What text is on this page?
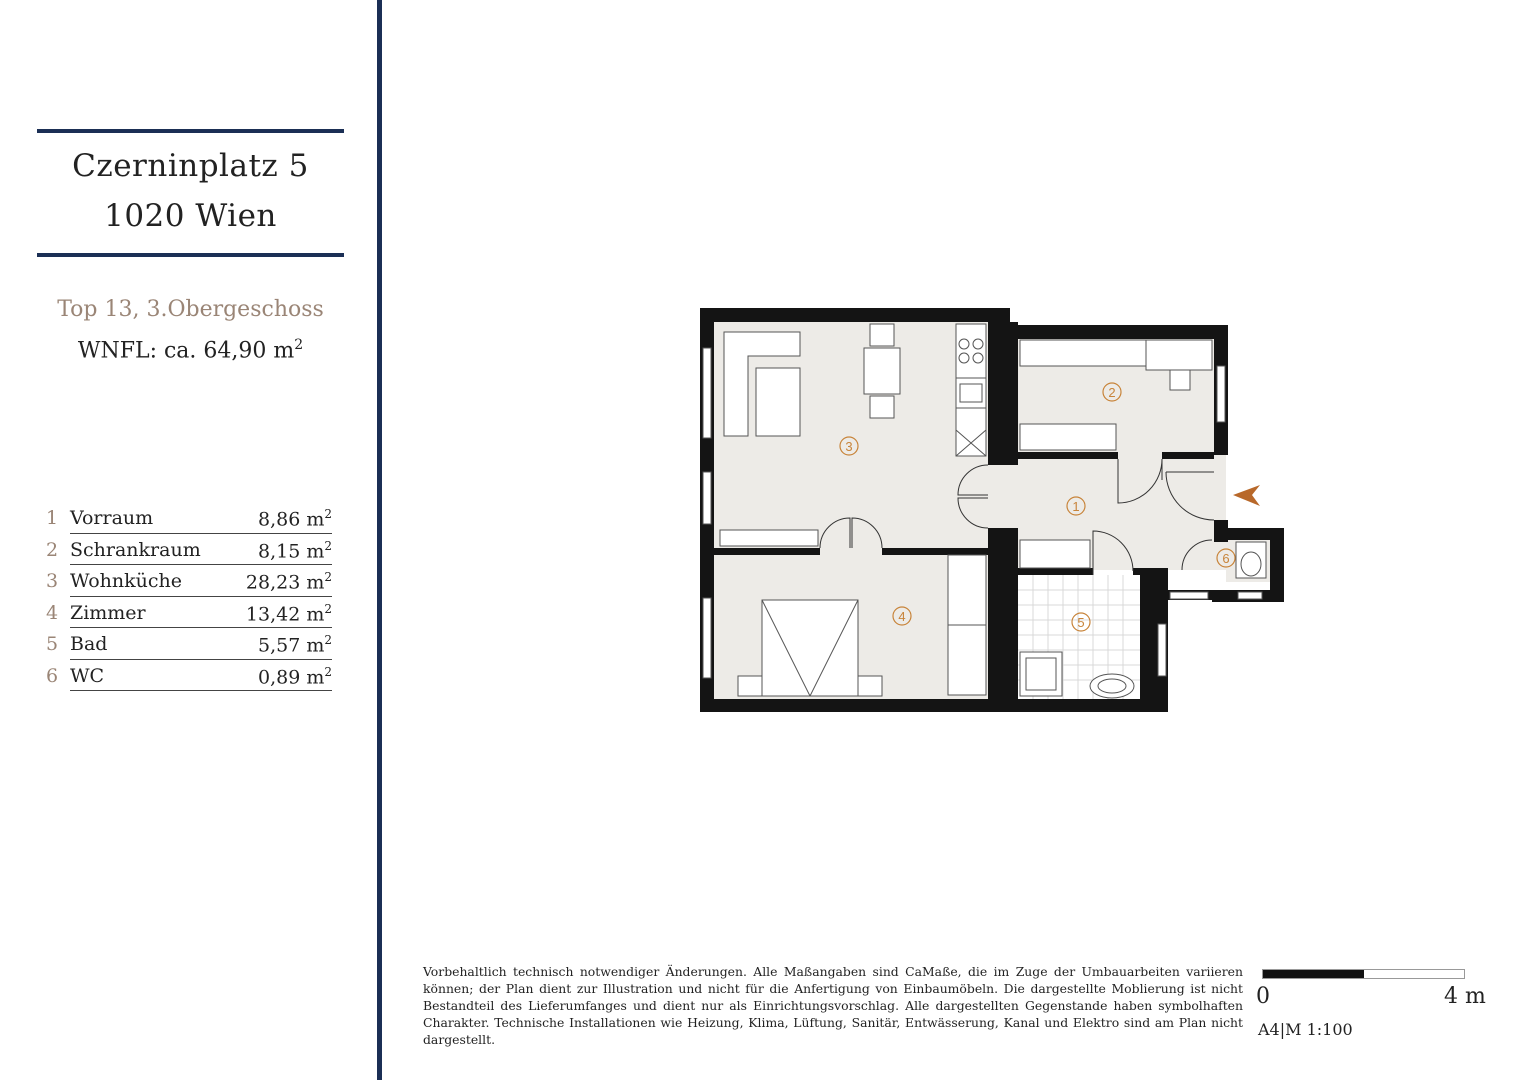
Czerninplatz 5
1020 Wien
Top 13, 3.Obergeschoss
WNFL: ca. 64,90 $m^2$
1 Vorraum	8,86 $m^2$
2 Schrankraum	8,15 $m^2$
3 Wohnküche	28,23 $m^2$
4 Zimmer	13,42 $m^2$
5 Bad	5,57 $m^2$
6 WC	0,89 $m^2$
3
2
1
4	5
6
Vorbehaltlich technisch notwendiger Änderungen. Alle Maßangaben sind CaMaße, die im Zuge der Umbauarbeiten variieren können; der Plan dient zur Illustration und nicht für die Anfertigung von Einbaumöbeln. Die dargestellte Moblierung ist nicht Bestandteil des Lieferumfanges und dient nur als Einrichtungsvorschlag. Alle dargestellten Gegenstande haben symbolhaften Charakter. Technische Installationen wie Heizung, Klima, Lüftung, Sanitär, Entwässerung, Kanal und Elektro sind am Plan nicht dargestellt.
0	4 m
A4|M 1:100
